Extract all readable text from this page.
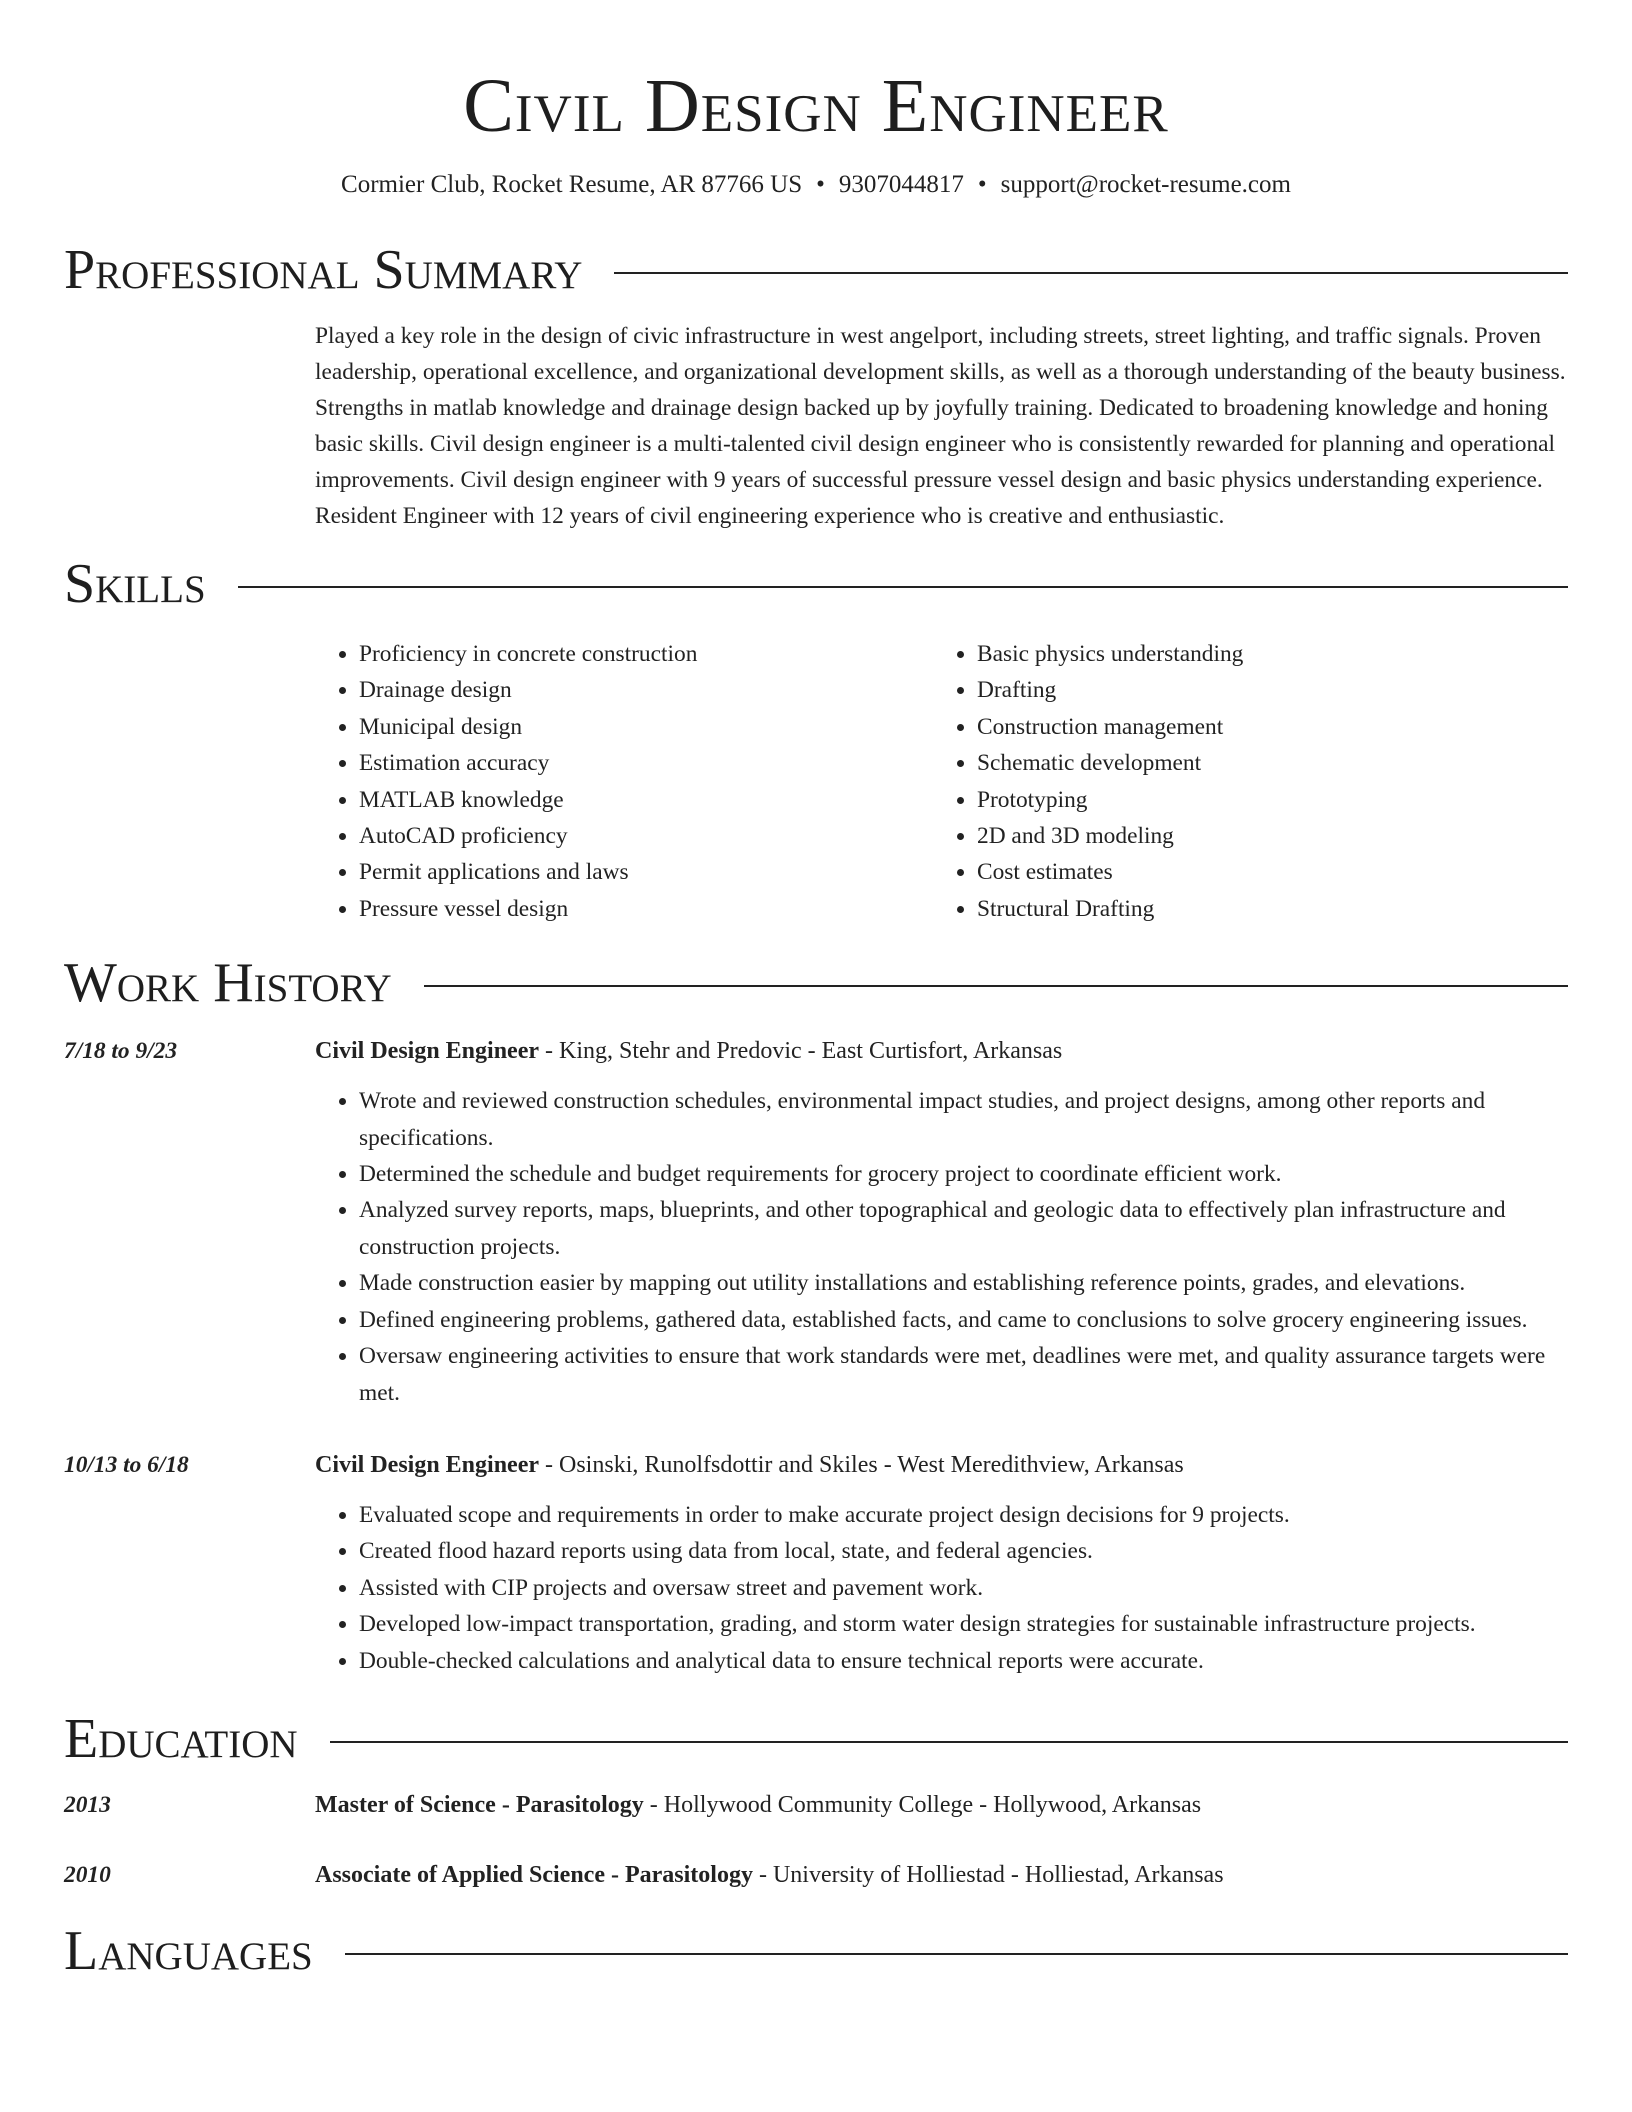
Civil Design Engineer
Cormier Club, Rocket Resume, AR 87766 US • 9307044817 • support@rocket-resume.com
Professional Summary

Played a key role in the design of civic infrastructure in west angelport, including streets, street lighting, and traffic signals. Proven leadership, operational excellence, and organizational development skills, as well as a thorough understanding of the beauty business. Strengths in matlab knowledge and drainage design backed up by joyfully training. Dedicated to broadening knowledge and honing basic skills. Civil design engineer is a multi-talented civil design engineer who is consistently rewarded for planning and operational improvements. Civil design engineer with 9 years of successful pressure vessel design and basic physics understanding experience. Resident Engineer with 12 years of civil engineering experience who is creative and enthusiastic.

Skills
• Proficiency in concrete construction
• Drainage design
• Municipal design
• Estimation accuracy
• MATLAB knowledge
• AutoCAD proficiency
• Permit applications and laws
• Pressure vessel design
• Basic physics understanding
• Drafting
• Construction management
• Schematic development
• Prototyping
• 2D and 3D modeling
• Cost estimates
• Structural Drafting
Work History
7/18 to 9/23	Civil Design Engineer - King, Stehr and Predovic - East Curtisfort, Arkansas
• Wrote and reviewed construction schedules, environmental impact studies, and project designs, among other reports and specifications.
• Determined the schedule and budget requirements for grocery project to coordinate efficient work.
• Analyzed survey reports, maps, blueprints, and other topographical and geologic data to effectively plan infrastructure and construction projects.
• Made construction easier by mapping out utility installations and establishing reference points, grades, and elevations.
• Defined engineering problems, gathered data, established facts, and came to conclusions to solve grocery engineering issues.
• Oversaw engineering activities to ensure that work standards were met, deadlines were met, and quality assurance targets were met.
10/13 to 6/18	Civil Design Engineer - Osinski, Runolfsdottir and Skiles - West Meredithview, Arkansas
• Evaluated scope and requirements in order to make accurate project design decisions for 9 projects.
• Created flood hazard reports using data from local, state, and federal agencies.
• Assisted with CIP projects and oversaw street and pavement work.
• Developed low-impact transportation, grading, and storm water design strategies for sustainable infrastructure projects.
• Double-checked calculations and analytical data to ensure technical reports were accurate.
Education
2013	Master of Science - Parasitology - Hollywood Community College - Hollywood, Arkansas
2010	Associate of Applied Science - Parasitology - University of Holliestad - Holliestad, Arkansas
Languages
